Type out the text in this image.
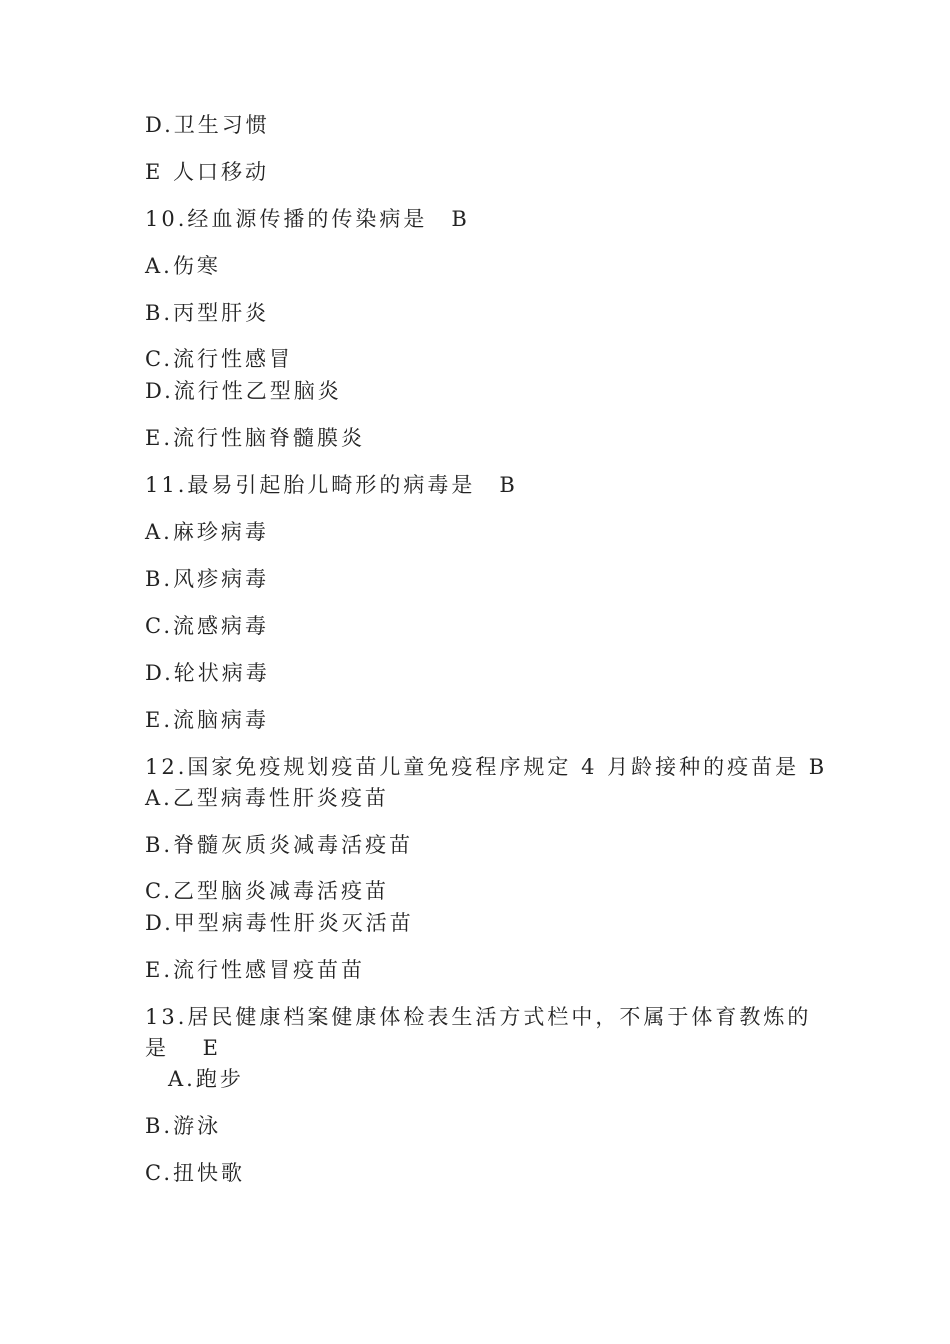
D.卫生习惯
E 人口移动
10.经血源传播的传染病是　B
A.伤寒
B.丙型肝炎
C.流行性感冒
D.流行性乙型脑炎
E.流行性脑脊髓膜炎
11.最易引起胎儿畸形的病毒是　B
A.麻珍病毒
B.风疹病毒
C.流感病毒
D.轮状病毒
E.流脑病毒
12.国家免疫规划疫苗儿童免疫程序规定 4 月龄接种的疫苗是 B
A.乙型病毒性肝炎疫苗
B.脊髓灰质炎减毒活疫苗
C.乙型脑炎减毒活疫苗
D.甲型病毒性肝炎灭活苗
E.流行性感冒疫苗苗
13.居民健康档案健康体检表生活方式栏中，不属于体育教炼的
是　 E
A.跑步
B.游泳
C.扭快歌
